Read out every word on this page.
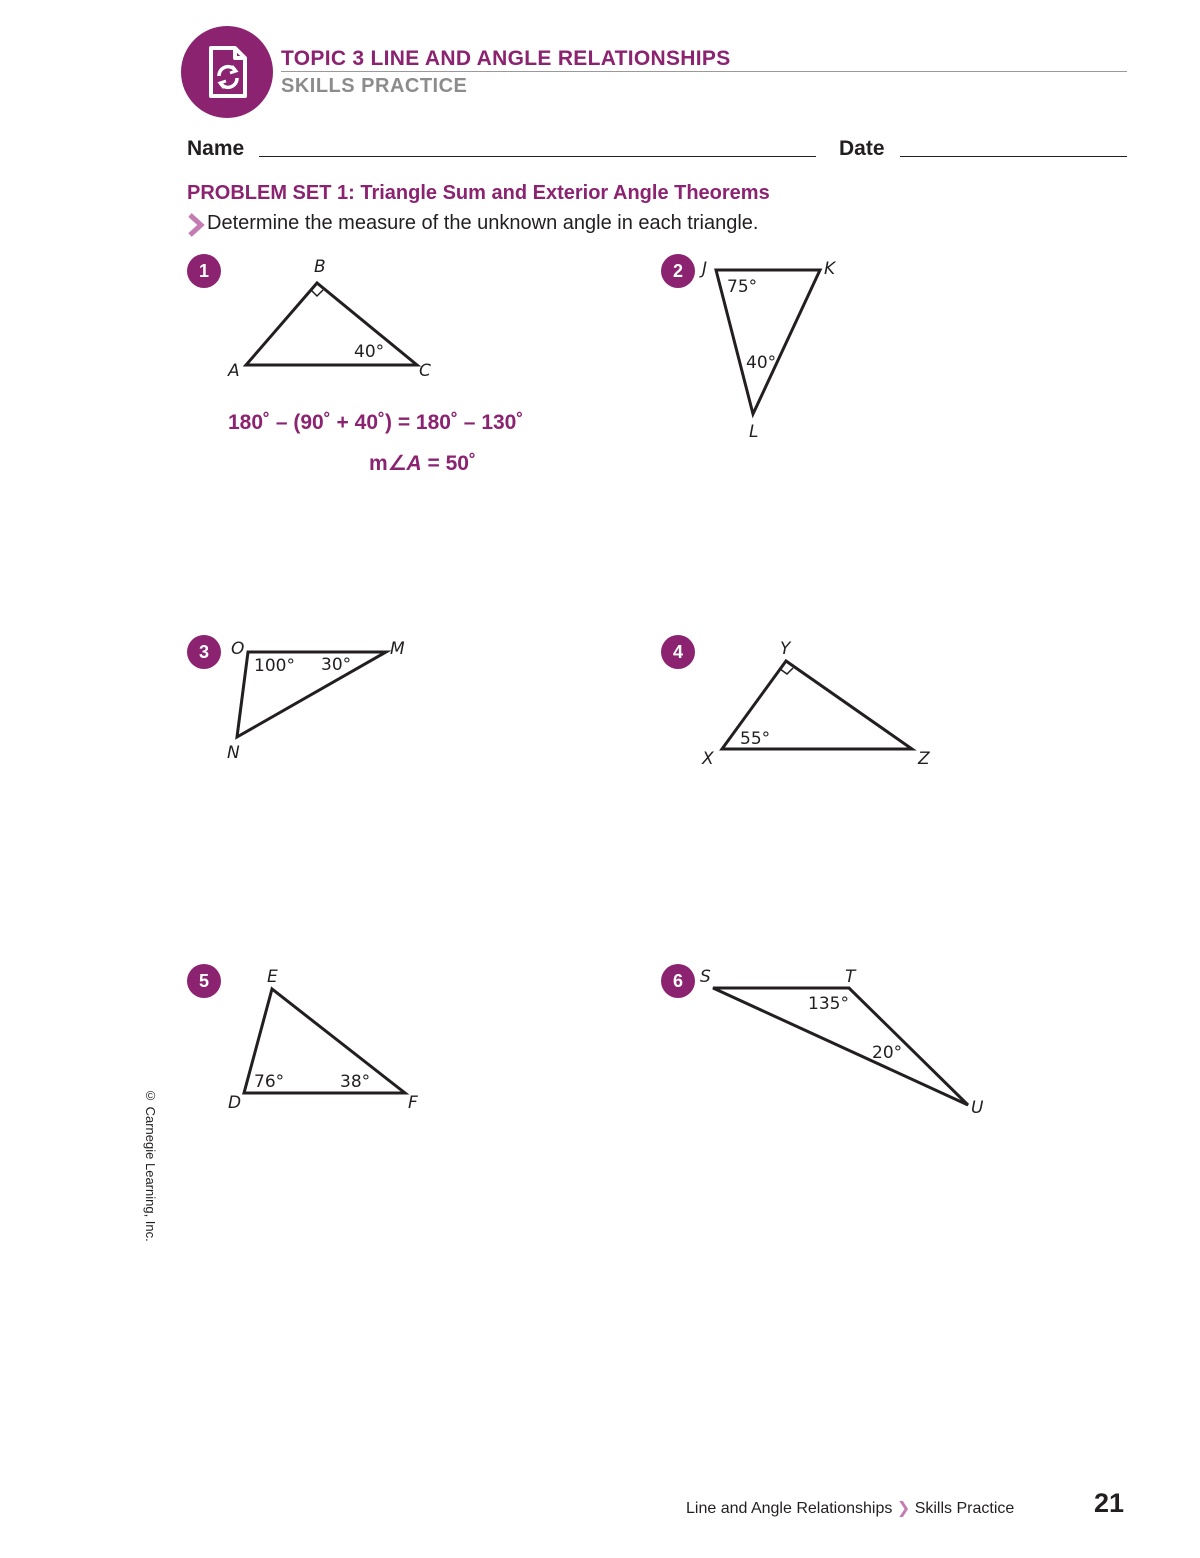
TOPIC 3 LINE AND ANGLE RELATIONSHIPS
SKILLS PRACTICE
Name	Date
PROBLEM SET 1: Triangle Sum and Exterior Angle Theorems
Determine the measure of the unknown angle in each triangle.
1	2
3	4
5	6
180˚ – (90˚ + 40˚) = 180˚ – 130˚
m∠A = 50˚
B
A	C
40°
J	K
L
75°
40°
O	M
N
100° 30°
Y
X	Z
55°
E
D	F
76°	38°
S	T
U
135°
20°
© Carnegie Learning, Inc.
Line and Angle Relationships ❯ Skills Practice	21
